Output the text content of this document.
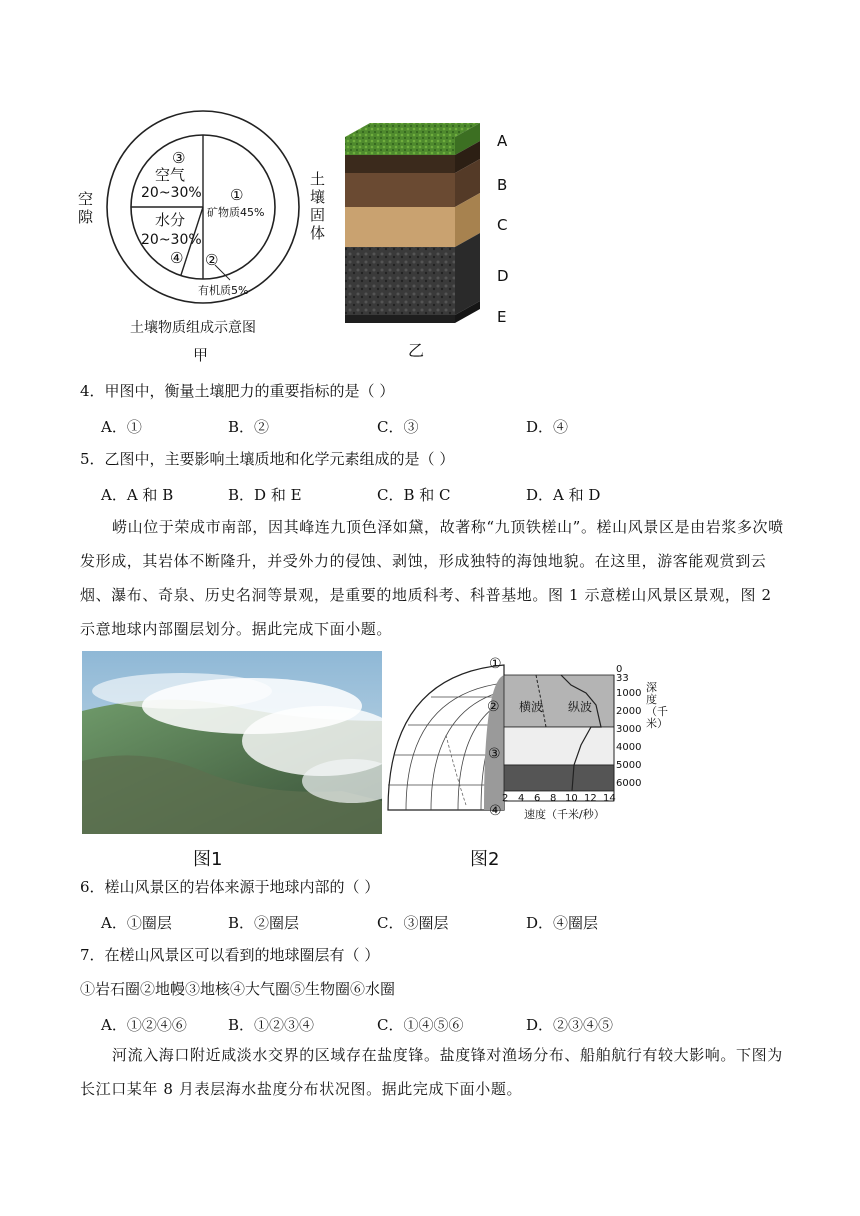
空隙
土壤固体
③
空气
20~30%
水分
20~30%
④
①
矿物质45%
②
有机质5%
土壤物质组成示意图
甲
A
B
C
D
E
乙
4．甲图中，衡量土壤肥力的重要指标的是（ ）
A．①	B．②	C．③	D．④
5．乙图中，主要影响土壤质地和化学元素组成的是（ ）
A．A 和 B	B．D 和 E	C．B 和 C	D．A 和 D
崂山位于荣成市南部，因其峰连九顶色泽如黛，故著称“九顶铁槎山”。槎山风景区是由岩浆多次喷发形成，其岩体不断隆升，并受外力的侵蚀、剥蚀，形成独特的海蚀地貌。在这里，游客能观赏到云烟、瀑布、奇泉、历史名洞等景观，是重要的地质科考、科普基地。图 1 示意槎山风景区景观，图 2 示意地球内部圈层划分。据此完成下面小题。
图1
①
②
③
④
横波 纵波
0
33
1000
2000
3000
4000
5000
6000
深度（千米）
2 4 6 8 10 12 14
速度（千米/秒）
图2
6．槎山风景区的岩体来源于地球内部的（ ）
A．①圈层	B．②圈层	C．③圈层	D．④圈层
7．在槎山风景区可以看到的地球圈层有（ ）
①岩石圈②地幔③地核④大气圈⑤生物圈⑥水圈
A．①②④⑥	B．①②③④	C．①④⑤⑥	D．②③④⑤
河流入海口附近咸淡水交界的区域存在盐度锋。盐度锋对渔场分布、船舶航行有较大影响。下图为长江口某年 8 月表层海水盐度分布状况图。据此完成下面小题。
